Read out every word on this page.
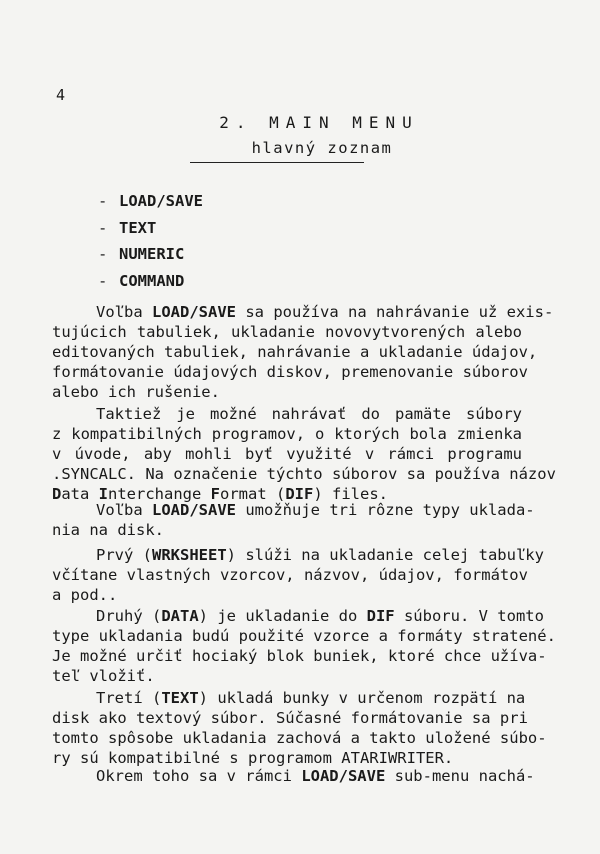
4
2. MAIN MENU
hlavný zoznam
- LOAD/SAVE
- TEXT
- NUMERIC
- COMMAND
Voľba LOAD/SAVE sa používa na nahrávanie už exis-
tujúcich tabuliek, ukladanie novovytvorených alebo
editovaných tabuliek, nahrávanie a ukladanie údajov,
formátovanie údajových diskov, premenovanie súborov
alebo ich rušenie.
Taktiež je možné nahrávať do pamäte súbory
z kompatibilných programov, o ktorých bola zmienka
v úvode, aby mohli byť využité v rámci programu
.SYNCALC. Na označenie týchto súborov sa používa názov
Data Interchange Format (DIF) files.
Voľba LOAD/SAVE umožňuje tri rôzne typy uklada-
nia na disk.
Prvý (WRKSHEET) slúži na ukladanie celej tabuľky
včítane vlastných vzorcov, názvov, údajov, formátov
a pod..
Druhý (DATA) je ukladanie do DIF súboru. V tomto
type ukladania budú použité vzorce a formáty stratené.
Je možné určiť hociaký blok buniek, ktoré chce užíva-
teľ vložiť.
Tretí (TEXT) ukladá bunky v určenom rozpätí na
disk ako textový súbor. Súčasné formátovanie sa pri
tomto spôsobe ukladania zachová a takto uložené súbo-
ry sú kompatibilné s programom ATARIWRITER.
Okrem toho sa v rámci LOAD/SAVE sub-menu nachá-
